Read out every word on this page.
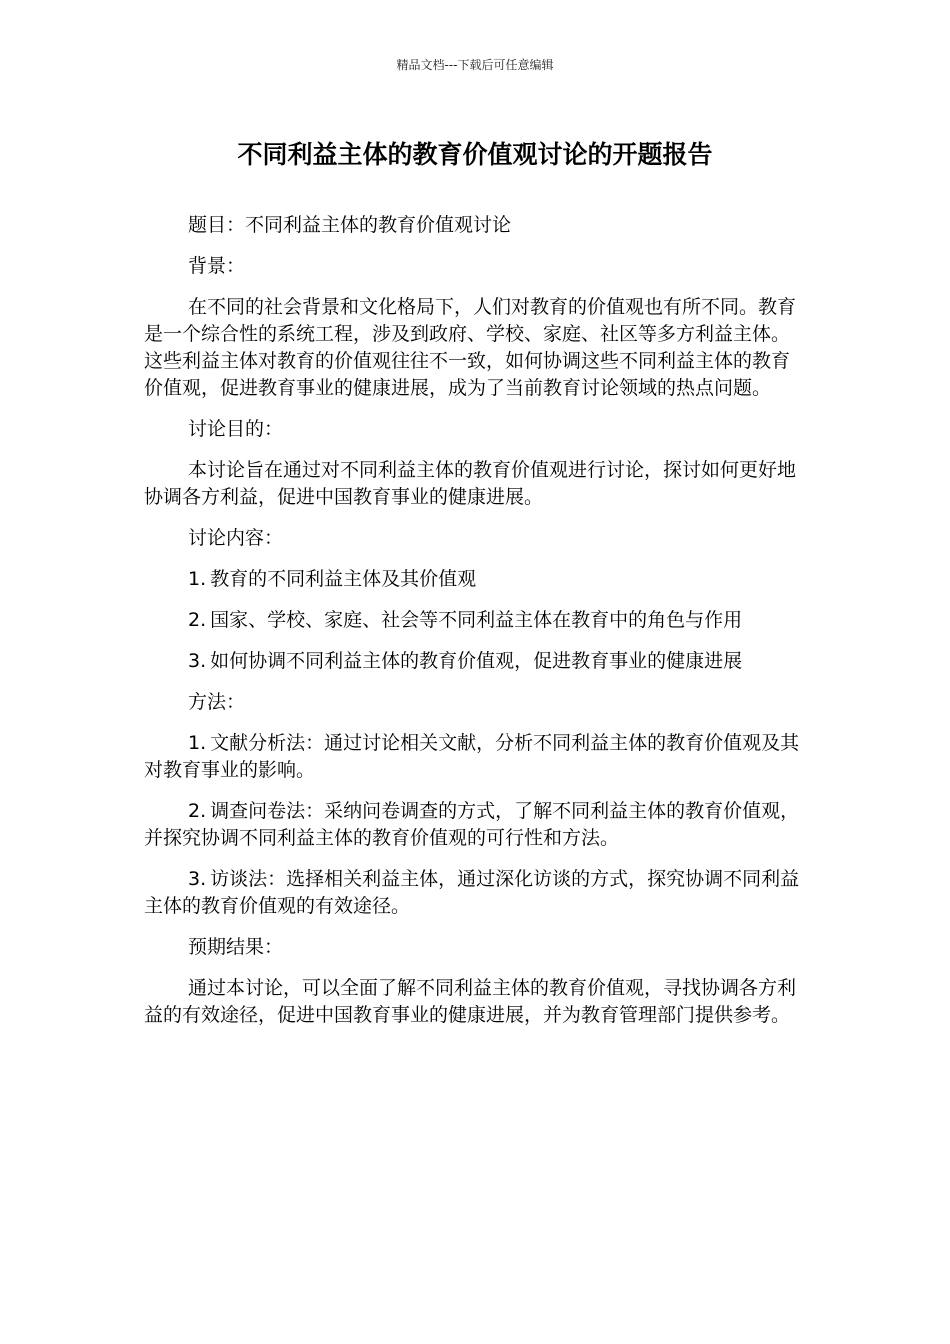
精品文档---下载后可任意编辑
不同利益主体的教育价值观讨论的开题报告

题目：不同利益主体的教育价值观讨论

背景：

在不同的社会背景和文化格局下，人们对教育的价值观也有所不同。教育是一个综合性的系统工程，涉及到政府、学校、家庭、社区等多方利益主体。这些利益主体对教育的价值观往往不一致，如何协调这些不同利益主体的教育价值观，促进教育事业的健康进展，成为了当前教育讨论领域的热点问题。

讨论目的：

本讨论旨在通过对不同利益主体的教育价值观进行讨论，探讨如何更好地协调各方利益，促进中国教育事业的健康进展。

讨论内容：

1. 教育的不同利益主体及其价值观

2. 国家、学校、家庭、社会等不同利益主体在教育中的角色与作用

3. 如何协调不同利益主体的教育价值观，促进教育事业的健康进展

方法：

1. 文献分析法：通过讨论相关文献，分析不同利益主体的教育价值观及其对教育事业的影响。

2. 调查问卷法：采纳问卷调查的方式，了解不同利益主体的教育价值观，并探究协调不同利益主体的教育价值观的可行性和方法。

3. 访谈法：选择相关利益主体，通过深化访谈的方式，探究协调不同利益主体的教育价值观的有效途径。

预期结果：

通过本讨论，可以全面了解不同利益主体的教育价值观，寻找协调各方利益的有效途径，促进中国教育事业的健康进展，并为教育管理部门提供参考。
